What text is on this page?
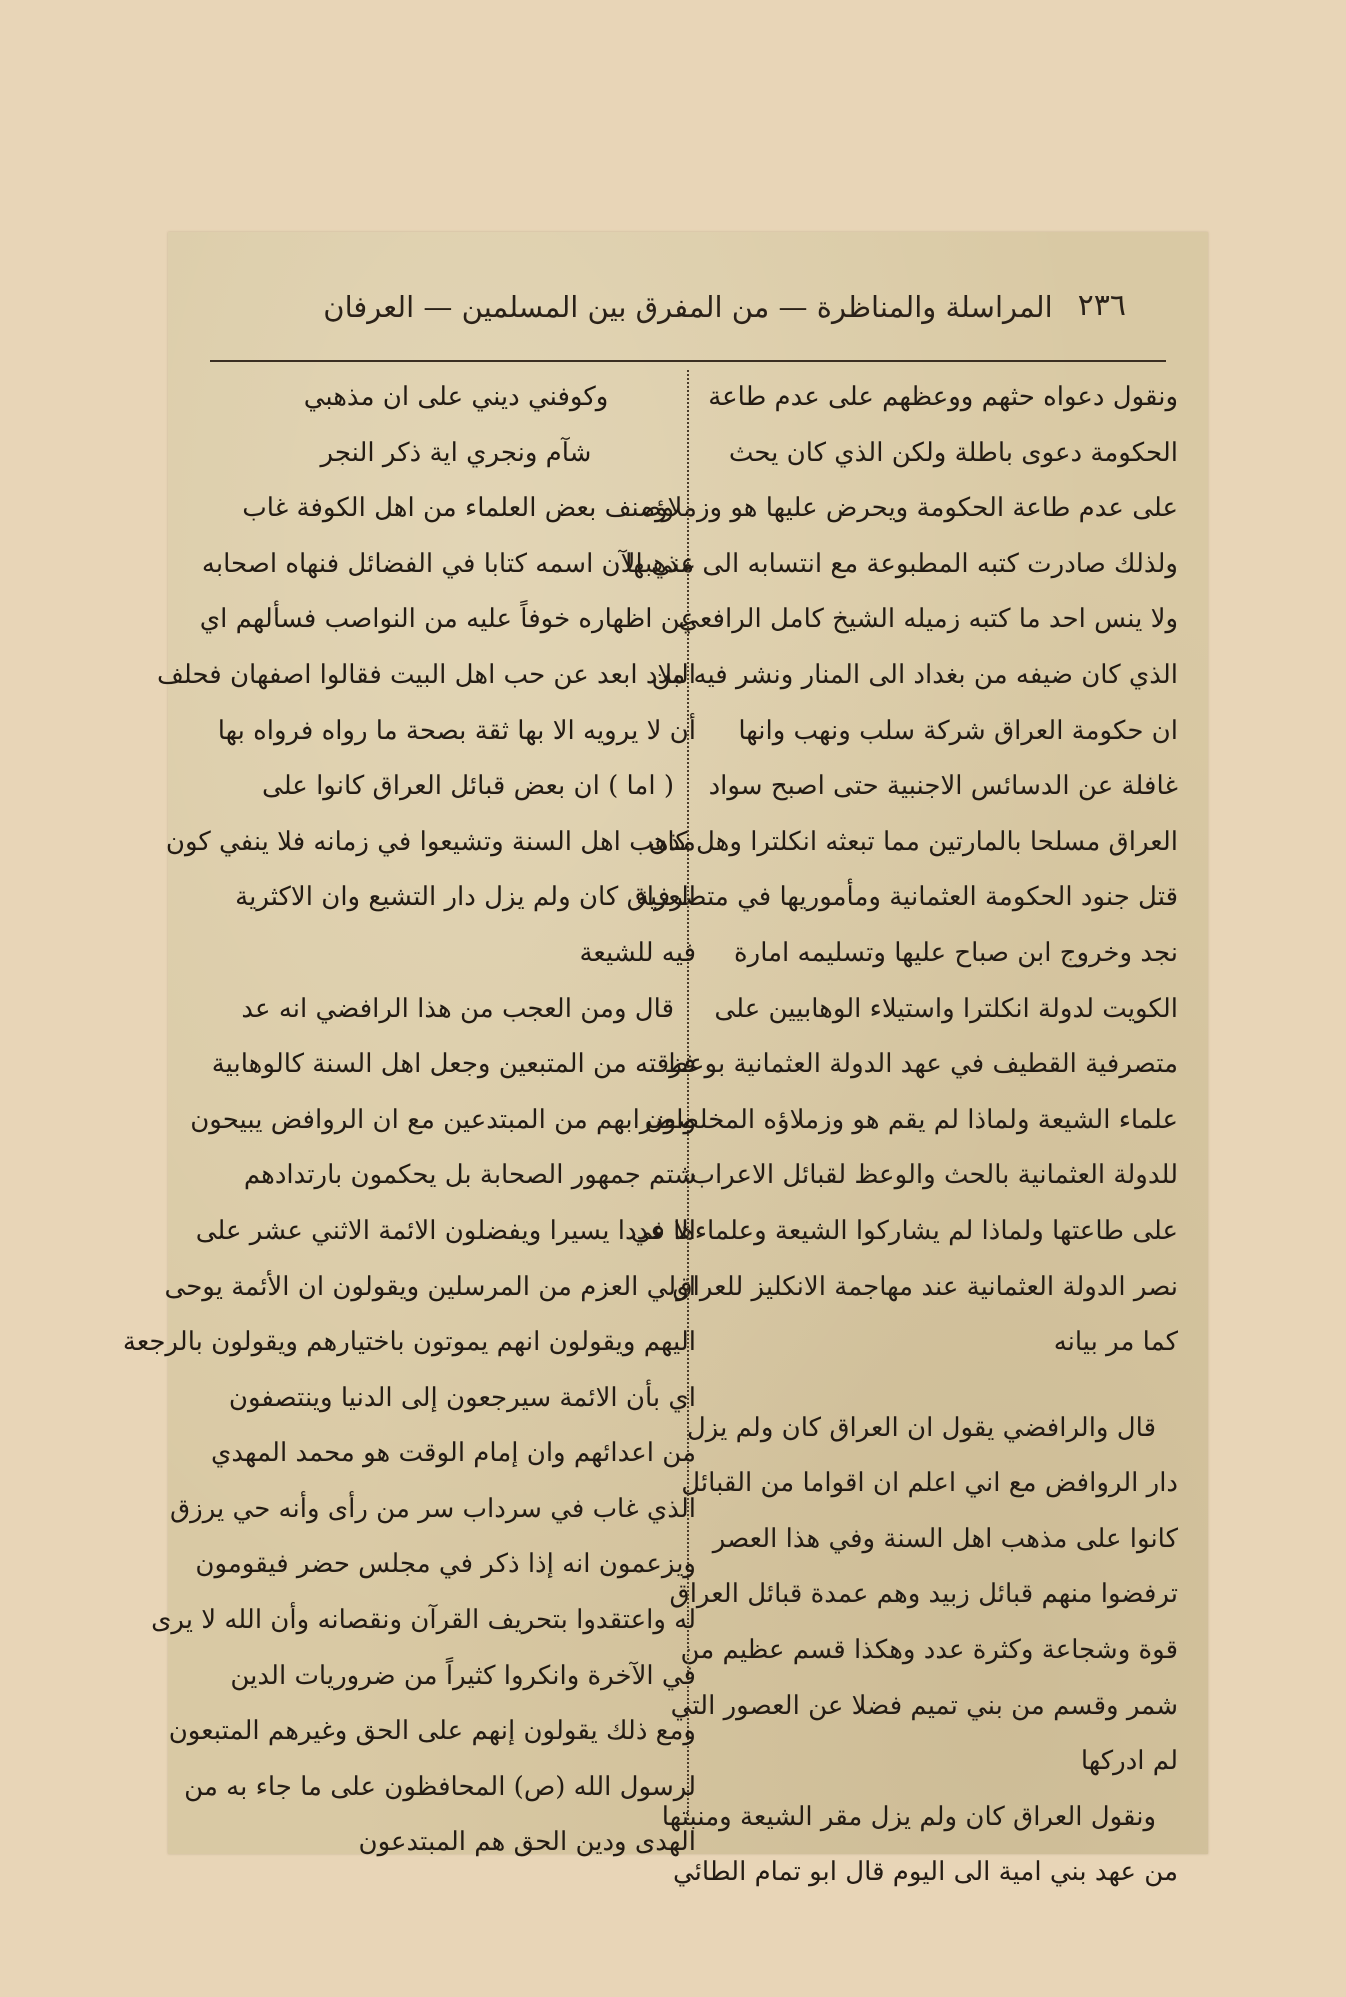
٢٣٦
المراسلة والمناظرة — من المفرق بين المسلمين — العرفان
ونقول دعواه حثهم ووعظهم على عدم طاعة
الحكومة دعوى باطلة ولكن الذي كان يحث
على عدم طاعة الحكومة ويحرض عليها هو وزملاؤه
ولذلك صادرت كتبه المطبوعة مع انتسابه الى مذهبها
ولا ينس احد ما كتبه زميله الشيخ كامل الرافعي
الذي كان ضيفه من بغداد الى المنار ونشر فيه من
ان حكومة العراق شركة سلب ونهب وانها
غافلة عن الدسائس الاجنبية حتى اصبح سواد
العراق مسلحا بالمارتين مما تبعثه انكلترا وهل كان
قتل جنود الحكومة العثمانية ومأموريها في متصرفية
نجد وخروج ابن صباح عليها وتسليمه امارة
الكويت لدولة انكلترا واستيلاء الوهابيين على
متصرفية القطيف في عهد الدولة العثمانية بوعظ
علماء الشيعة ولماذا لم يقم هو وزملاؤه المخلصون
للدولة العثمانية بالحث والوعظ لقبائل الاعراب
على طاعتها ولماذا لم يشاركوا الشيعة وعلماءها في
نصر الدولة العثمانية عند مهاجمة الانكليز للعراق
كما مر بيانه
قال والرافضي يقول ان العراق كان ولم يزل
دار الروافض مع اني اعلم ان اقواما من القبائل
كانوا على مذهب اهل السنة وفي هذا العصر
ترفضوا منهم قبائل زبيد وهم عمدة قبائل العراق
قوة وشجاعة وكثرة عدد وهكذا قسم عظيم من
شمر وقسم من بني تميم فضلا عن العصور التي
لم ادركها
ونقول العراق كان ولم يزل مقر الشيعة ومنبتها
من عهد بني امية الى اليوم قال ابو تمام الطائي
وكوفني ديني على ان مذهبي
شآم ونجري اية ذكر النجر
وصنف بعض العلماء من اهل الكوفة غاب
عني الآن اسمه كتابا في الفضائل فنهاه اصحابه
عن اظهاره خوفاً عليه من النواصب فسألهم اي
البلاد ابعد عن حب اهل البيت فقالوا اصفهان فحلف
أن لا يرويه الا بها ثقة بصحة ما رواه فرواه بها
( اما ) ان بعض قبائل العراق كانوا على
مذهب اهل السنة وتشيعوا في زمانه فلا ينفي كون
العراق كان ولم يزل دار التشيع وان الاكثرية
فيه للشيعة
قال ومن العجب من هذا الرافضي انه عد
فرقته من المتبعين وجعل اهل السنة كالوهابية
واضرابهم من المبتدعين مع ان الروافض يبيحون
شتم جمهور الصحابة بل يحكمون بارتدادهم
الا عددا يسيرا ويفضلون الائمة الاثني عشر على
اولي العزم من المرسلين ويقولون ان الأئمة يوحى
اليهم ويقولون انهم يموتون باختيارهم ويقولون بالرجعة
اي بأن الائمة سيرجعون إلى الدنيا وينتصفون
من اعدائهم وان إمام الوقت هو محمد المهدي
الذي غاب في سرداب سر من رأى وأنه حي يرزق
ويزعمون انه إذا ذكر في مجلس حضر فيقومون
له واعتقدوا بتحريف القرآن ونقصانه وأن الله لا يرى
في الآخرة وانكروا كثيراً من ضروريات الدين
ومع ذلك يقولون إنهم على الحق وغيرهم المتبعون
لرسول الله (ص) المحافظون على ما جاء به من
الهدى ودين الحق هم المبتدعون
